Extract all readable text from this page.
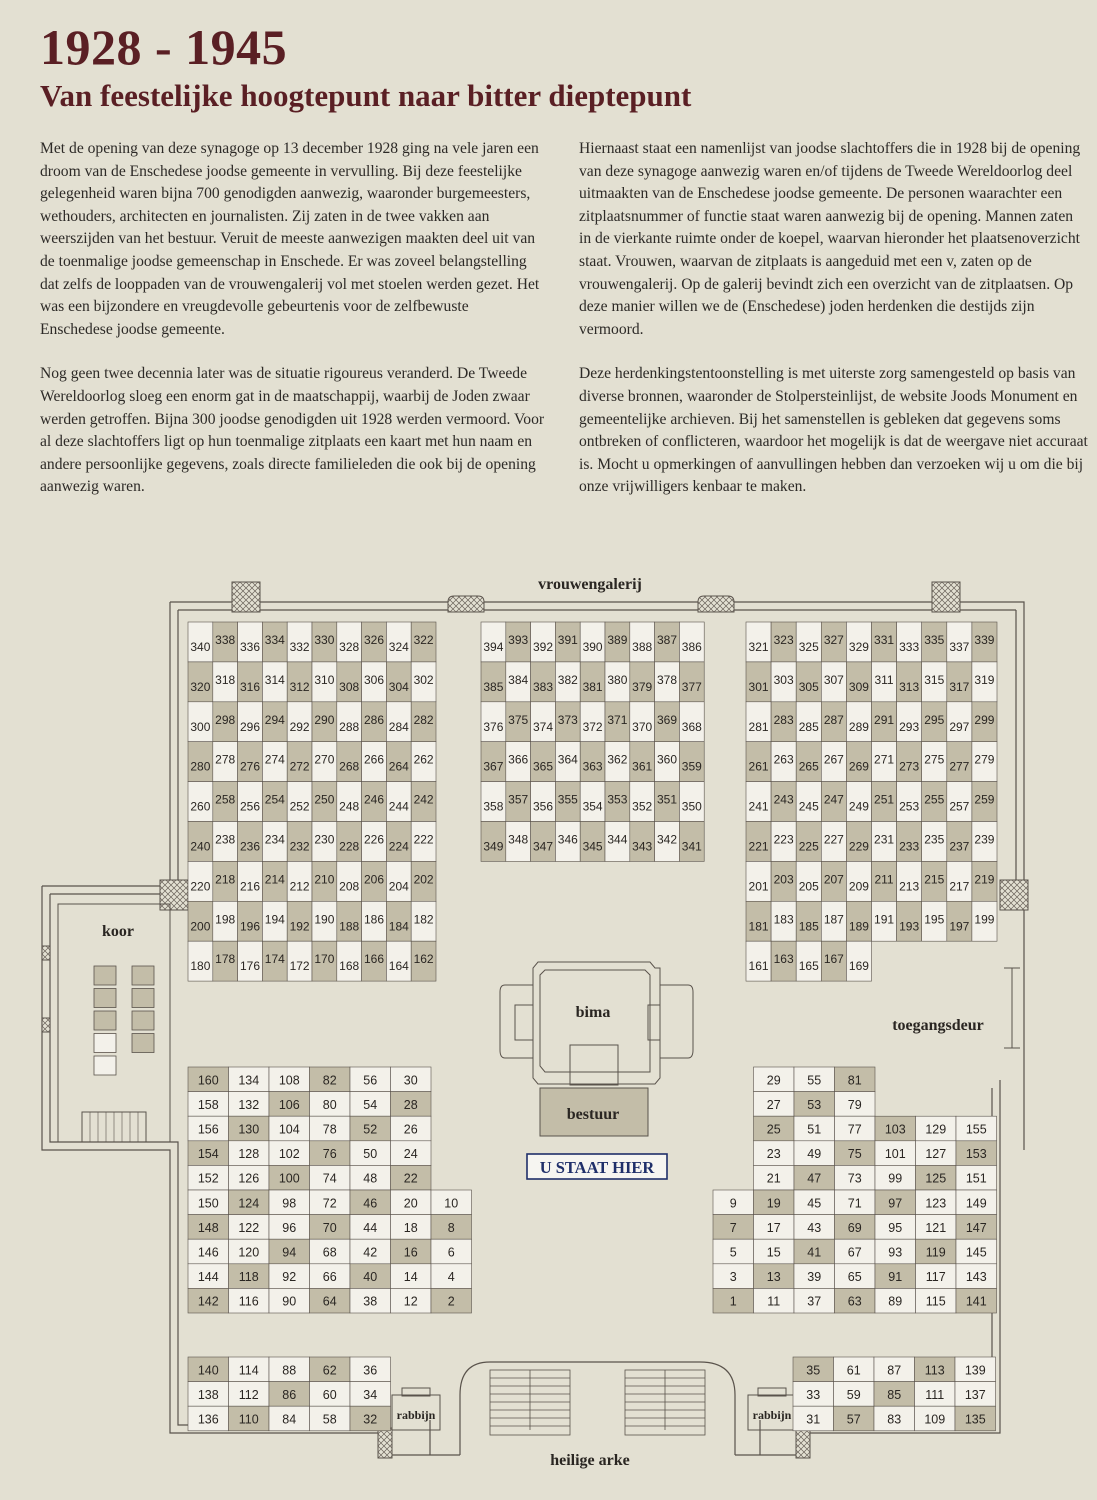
1928 - 1945
Van feestelijke hoogtepunt naar bitter dieptepunt

Met de opening van deze synagoge op 13 december 1928 ging na vele jaren een droom van de Enschedese joodse gemeente in vervulling. Bij deze feestelijke gelegenheid waren bijna 700 genodigden aanwezig, waaronder burgemeesters, wethouders, architecten en journalisten. Zij zaten in de twee vakken aan weerszijden van het bestuur. Veruit de meeste aanwezigen maakten deel uit van de toenmalige joodse gemeenschap in Enschede. Er was zoveel belangstelling dat zelfs de looppaden van de vrouwengalerij vol met stoelen werden gezet. Het was een bijzondere en vreugdevolle gebeurtenis voor de zelfbewuste Enschedese joodse gemeente.

Nog geen twee decennia later was de situatie rigoureus veranderd. De Tweede Wereldoorlog sloeg een enorm gat in de maatschappij, waarbij de Joden zwaar werden getroffen. Bijna 300 joodse genodigden uit 1928 werden vermoord. Voor al deze slachtoffers ligt op hun toenmalige zitplaats een kaart met hun naam en andere persoonlijke gegevens, zoals directe familieleden die ook bij de opening aanwezig waren.

Hiernaast staat een namenlijst van joodse slachtoffers die in 1928 bij de opening van deze synagoge aanwezig waren en/of tijdens de Tweede Wereldoorlog deel uitmaakten van de Enschedese joodse gemeente. De personen waarachter een zitplaatsnummer of functie staat waren aanwezig bij de opening. Mannen zaten in de vierkante ruimte onder de koepel, waarvan hieronder het plaatsenoverzicht staat. Vrouwen, waarvan de zitplaats is aangeduid met een v, zaten op de vrouwengalerij. Op de galerij bevindt zich een overzicht van de zitplaatsen. Op deze manier willen we de (Enschedese) joden herdenken die destijds zijn vermoord.

Deze herdenkingstentoonstelling is met uiterste zorg samengesteld op basis van diverse bronnen, waaronder de Stolpersteinlijst, de website Joods Monument en gemeentelijke archieven. Bij het samenstellen is gebleken dat gegevens soms ontbreken of conflicteren, waardoor het mogelijk is dat de weergave niet accuraat is. Mocht u opmerkingen of aanvullingen hebben dan verzoeken wij u om die bij onze vrijwilligers kenbaar te maken.

340 338 336 334 332 330 328 326 324 322
320 318 316 314 312 310 308 306 304 302
300 298 296 294 292 290 288 286 284 282
280 278 276 274 272 270 268 266 264 262
260 258 256 254 252 250 248 246 244 242
240 238 236 234 232 230 228 226 224 222
220 218 216 214 212 210 208 206 204 202
200 198 196 194 192 190 188 186 184 182
180 178 176 174 172 170 168 166 164 162
394 393 392 391 390 389 388 387 386
385 384 383 382 381 380 379 378 377
376 375 374 373 372 371 370 369 368
367 366 365 364 363 362 361 360 359
358 357 356 355 354 353 352 351 350
349 348 347 346 345 344 343 342 341
321 323 325 327 329 331 333 335 337 339
301 303 305 307 309 311 313 315 317 319
281 283 285 287 289 291 293 295 297 299
261 263 265 267 269 271 273 275 277 279
241 243 245 247 249 251 253 255 257 259
221 223 225 227 229 231 233 235 237 239
201 203 205 207 209 211 213 215 217 219
181 183 185 187 189 191 193 195 197 199
161 163 165 167 169
160 134 108 82 56 30
158 132 106 80 54 28
156 130 104 78 52 26
154 128 102 76 50 24
152 126 100 74 48 22
150 124 98 72 46 20 10
148 122 96 70 44 18 8
146 120 94 68 42 16 6
144 118 92 66 40 14 4
142 116 90 64 38 12 2
29 55 81
27 53 79
25 51 77 103 129 155
23 49 75 101 127 153
21 47 73 99 125 151
9 19 45 71 97 123 149
7 17 43 69 95 121 147
5 15 41 67 93 119 145
3 13 39 65 91 117 143
1 11 37 63 89 115 141
140 114 88 62 36
138 112 86 60 34
136 110 84 58 32
35 61 87 113 139
33 59 85 111 137
31 57 83 109 135
vrouwengalerij
koor
bima
bestuur
toegangsdeur
rabbijn	rabbijn
heilige arke
U STAAT HIER
